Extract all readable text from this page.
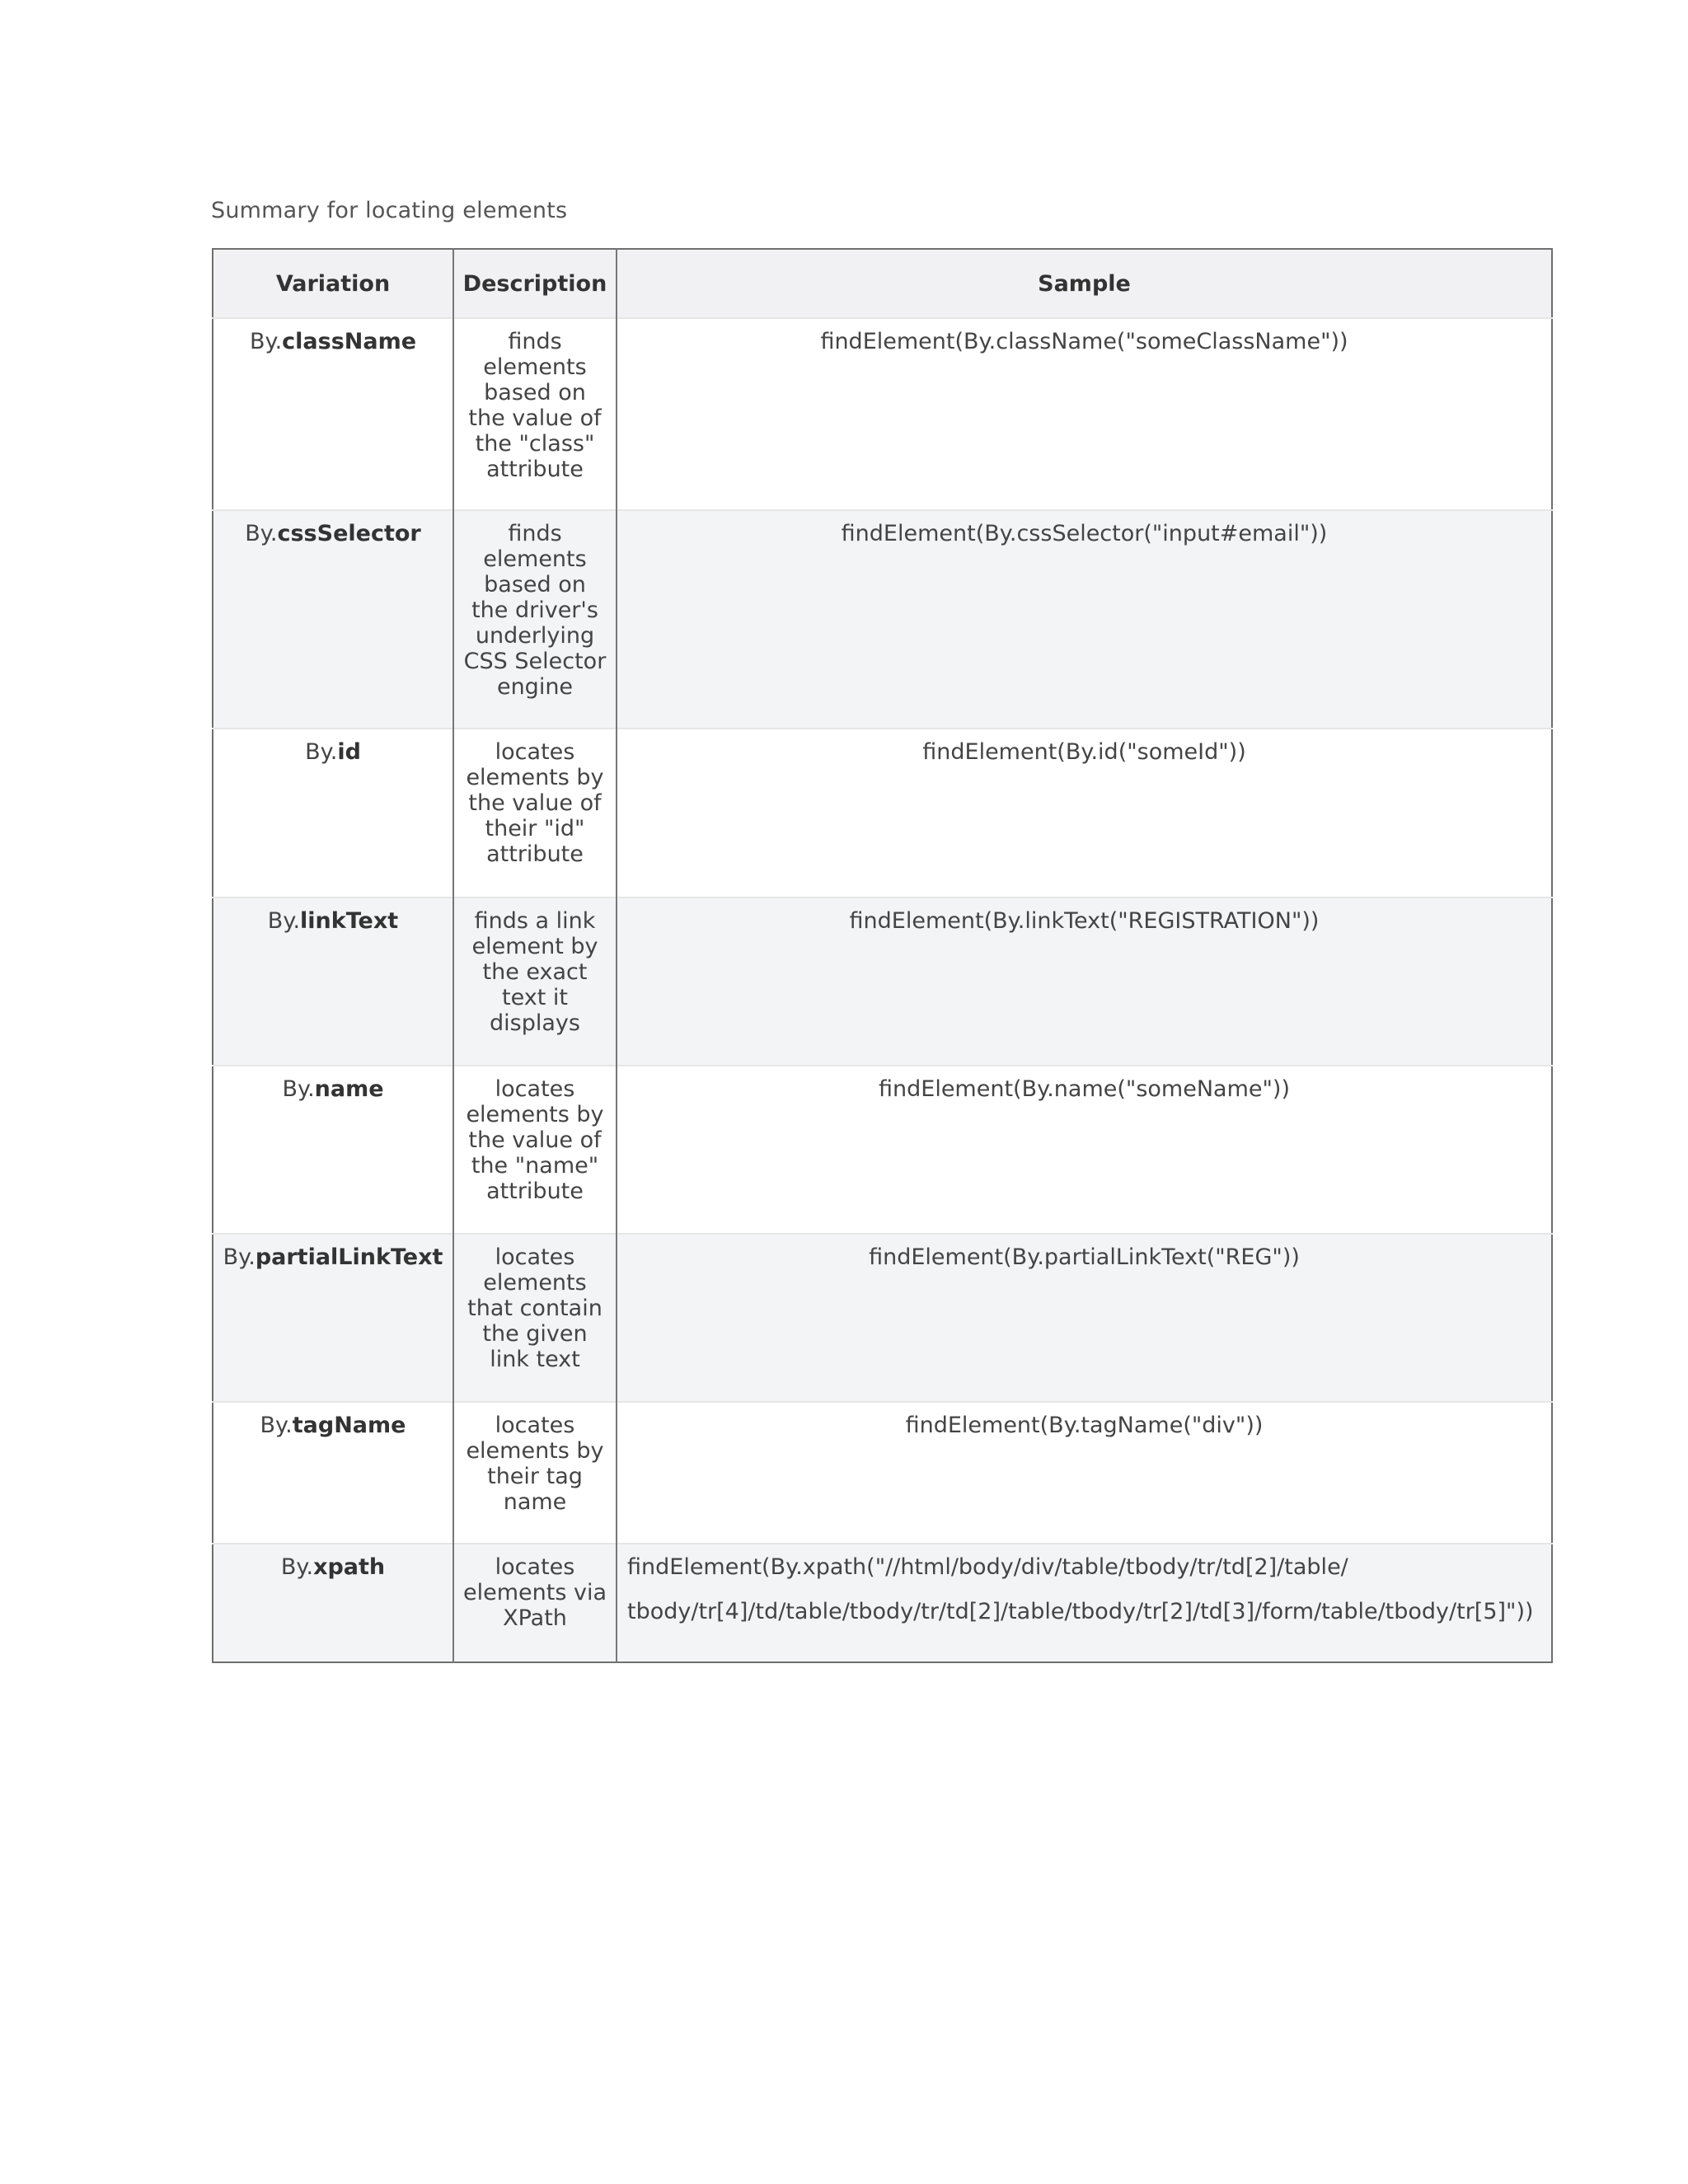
Summary for locating elements
Variation	Description	Sample
By.className	finds elements based on the value of the "class" attribute	findElement(By.className("someClassName"))
By.cssSelector	finds elements based on the driver's underlying CSS Selector engine	findElement(By.cssSelector("input#email"))
By.id	locates elements by the value of their "id" attribute	findElement(By.id("someId"))
By.linkText	finds a link element by the exact text it displays	findElement(By.linkText("REGISTRATION"))
By.name	locates elements by the value of the "name" attribute	findElement(By.name("someName"))
By.partialLinkText	locates elements that contain the given link text	findElement(By.partialLinkText("REG"))
By.tagName	locates elements by their tag name	findElement(By.tagName("div"))
By.xpath	locates elements via XPath	findElement(By.xpath("//html/body/div/table/tbody/tr/td[2]/table/
tbody/tr[4]/td/table/tbody/tr/td[2]/table/tbody/tr[2]/td[3]/form/table/tbody/tr[5]"))
